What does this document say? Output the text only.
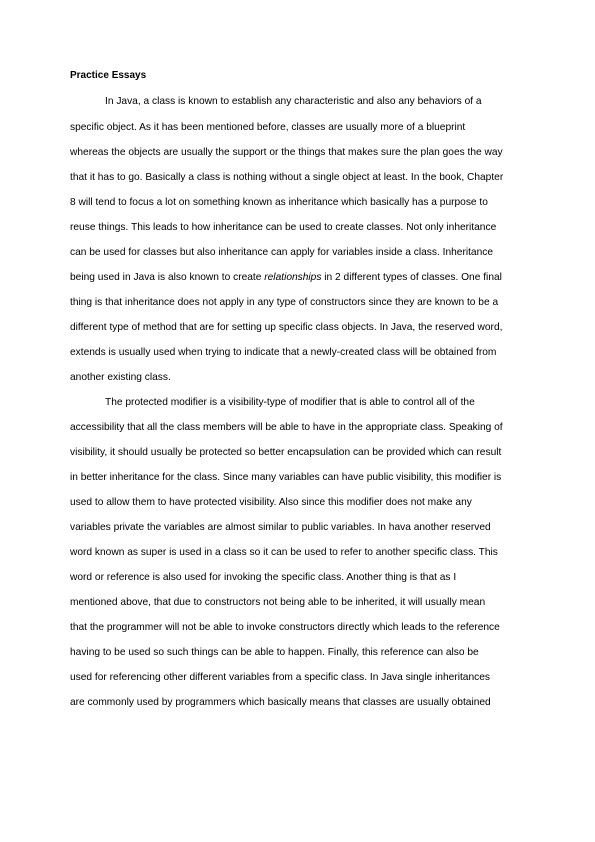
Practice Essays
In Java, a class is known to establish any characteristic and also any behaviors of a
specific object. As it has been mentioned before, classes are usually more of a blueprint
whereas the objects are usually the support or the things that makes sure the plan goes the way
that it has to go. Basically a class is nothing without a single object at least. In the book, Chapter
8 will tend to focus a lot on something known as inheritance which basically has a purpose to
reuse things. This leads to how inheritance can be used to create classes. Not only inheritance
can be used for classes but also inheritance can apply for variables inside a class. Inheritance
being used in Java is also known to create relationships in 2 different types of classes. One final
thing is that inheritance does not apply in any type of constructors since they are known to be a
different type of method that are for setting up specific class objects. In Java, the reserved word,
extends is usually used when trying to indicate that a newly-created class will be obtained from
another existing class.
The protected modifier is a visibility-type of modifier that is able to control all of the
accessibility that all the class members will be able to have in the appropriate class. Speaking of
visibility, it should usually be protected so better encapsulation can be provided which can result
in better inheritance for the class. Since many variables can have public visibility, this modifier is
used to allow them to have protected visibility. Also since this modifier does not make any
variables private the variables are almost similar to public variables. In hava another reserved
word known as super is used in a class so it can be used to refer to another specific class. This
word or reference is also used for invoking the specific class. Another thing is that as I
mentioned above, that due to constructors not being able to be inherited, it will usually mean
that the programmer will not be able to invoke constructors directly which leads to the reference
having to be used so such things can be able to happen. Finally, this reference can also be
used for referencing other different variables from a specific class. In Java single inheritances
are commonly used by programmers which basically means that classes are usually obtained
